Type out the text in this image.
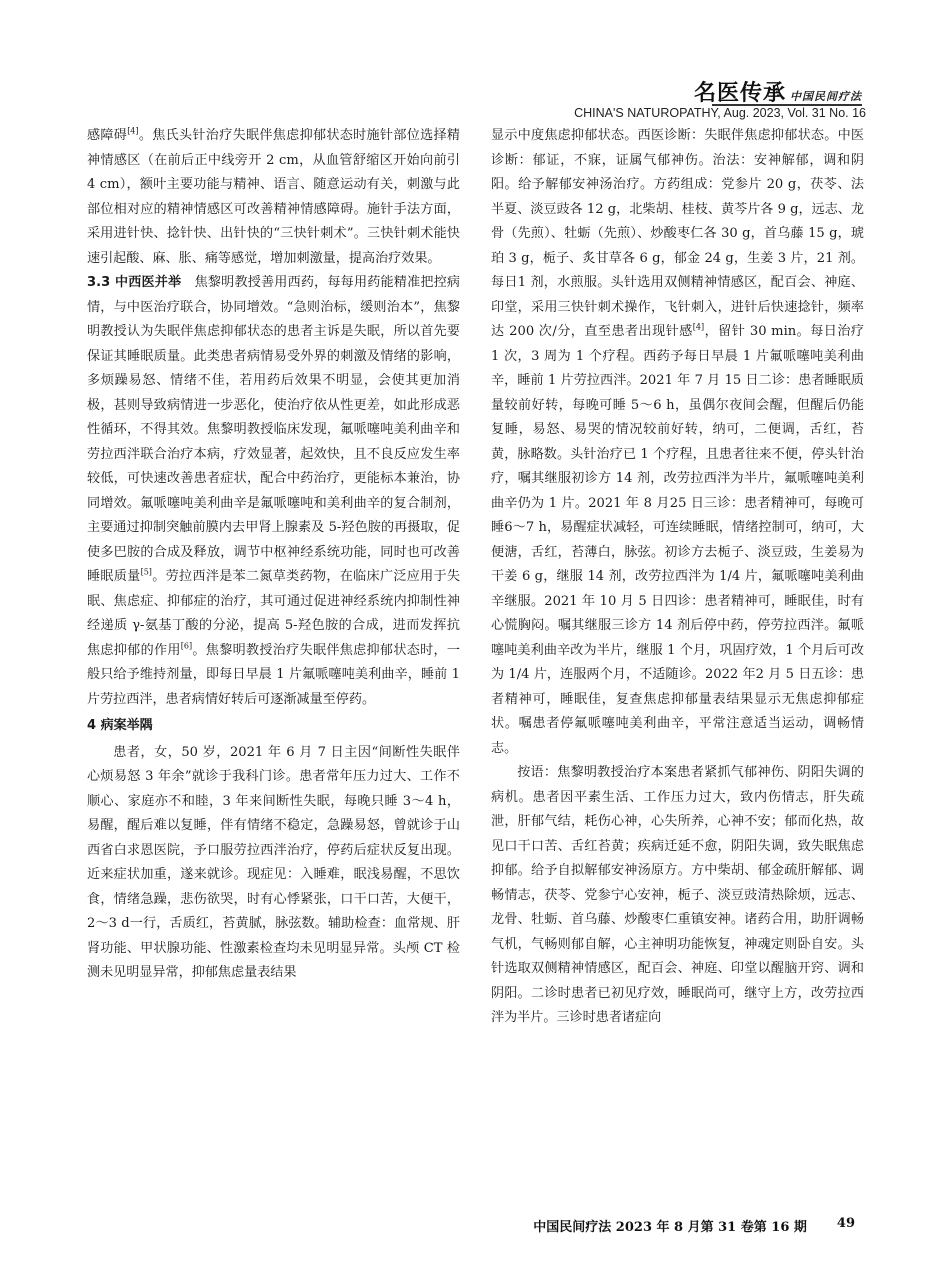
名医传承 中国民间疗法
CHINA'S NATUROPATHY, Aug. 2023, Vol. 31 No. 16

感障碍[4]。焦氏头针治疗失眠伴焦虑抑郁状态时施针部位选择精神情感区（在前后正中线旁开 2 cm，从血管舒缩区开始向前引 4 cm），额叶主要功能与精神、语言、随意运动有关，刺激与此部位相对应的精神情感区可改善精神情感障碍。施针手法方面，采用进针快、捻针快、出针快的“三快针刺术”。三快针刺术能快速引起酸、麻、胀、痛等感觉，增加刺激量，提高治疗效果。

3.3 中西医并举　 焦黎明教授善用西药，每每用药能精准把控病情，与中医治疗联合，协同增效。“急则治标，缓则治本”，焦黎明教授认为失眠伴焦虑抑郁状态的患者主诉是失眠，所以首先要保证其睡眠质量。此类患者病情易受外界的刺激及情绪的影响，多烦躁易怒、情绪不佳，若用药后效果不明显，会使其更加消极，甚则导致病情进一步恶化，使治疗依从性更差，如此形成恶性循环，不得其效。焦黎明教授临床发现，氟哌噻吨美利曲辛和劳拉西泮联合治疗本病，疗效显著，起效快，且不良反应发生率较低，可快速改善患者症状，配合中药治疗，更能标本兼治，协同增效。氟哌噻吨美利曲辛是氟哌噻吨和美利曲辛的复合制剂，主要通过抑制突触前膜内去甲肾上腺素及 5-羟色胺的再摄取，促使多巴胺的合成及释放，调节中枢神经系统功能，同时也可改善睡眠质量[5]。劳拉西泮是苯二氮草类药物，在临床广泛应用于失眠、焦虑症、抑郁症的治疗，其可通过促进神经系统内抑制性神经递质 γ-氨基丁酸的分泌，提高 5-羟色胺的合成，进而发挥抗焦虑抑郁的作用[6]。焦黎明教授治疗失眠伴焦虑抑郁状态时，一般只给予维持剂量，即每日早晨 1 片氟哌噻吨美利曲辛，睡前 1 片劳拉西泮，患者病情好转后可逐渐减量至停药。

4 病案举隅

患者，女，50 岁，2021 年 6 月 7 日主因“间断性失眠伴心烦易怒 3 年余”就诊于我科门诊。患者常年压力过大、工作不顺心、家庭亦不和睦，3 年来间断性失眠，每晚只睡 3～4 h，易醒，醒后难以复睡，伴有情绪不稳定，急躁易怒，曾就诊于山西省白求恩医院，予口服劳拉西泮治疗，停药后症状反复出现。近来症状加重，遂来就诊。现症见：入睡难，眠浅易醒，不思饮食，情绪急躁，悲伤欲哭，时有心悸紧张，口干口苦，大便干，2～3 d一行，舌质红，苔黄腻，脉弦数。辅助检查：血常规、肝肾功能、甲状腺功能、性激素检查均未见明显异常。头颅 CT 检测未见明显异常，抑郁焦虑量表结果

显示中度焦虑抑郁状态。西医诊断：失眠伴焦虑抑郁状态。中医诊断：郁证，不寐，证属气郁神伤。治法：安神解郁，调和阴阳。给予解郁安神汤治疗。方药组成：党参片 20 g，茯苓、法半夏、淡豆豉各 12 g，北柴胡、桂枝、黄芩片各 9 g，远志、龙骨（先煎）、牡蛎（先煎）、炒酸枣仁各 30 g，首乌藤 15 g，琥珀 3 g，栀子、炙甘草各 6 g，郁金 24 g，生姜 3 片，21 剂。每日1 剂，水煎服。头针选用双侧精神情感区，配百会、神庭、印堂，采用三快针刺术操作，飞针刺入，进针后快速捻针，频率达 200 次/分，直至患者出现针感[4]，留针 30 min。每日治疗 1 次，3 周为 1 个疗程。西药予每日早晨 1 片氟哌噻吨美利曲辛，睡前 1 片劳拉西泮。2021 年 7 月 15 日二诊：患者睡眠质量较前好转，每晚可睡 5～6 h，虽偶尔夜间会醒，但醒后仍能复睡，易怒、易哭的情况较前好转，纳可，二便调，舌红，苔黄，脉略数。头针治疗已 1 个疗程，且患者往来不便，停头针治疗，嘱其继服初诊方 14 剂，改劳拉西泮为半片，氟哌噻吨美利曲辛仍为 1 片。2021 年 8 月25 日三诊：患者精神可，每晚可睡6～7 h，易醒症状减轻，可连续睡眠，情绪控制可，纳可，大便溏，舌红，苔薄白，脉弦。初诊方去栀子、淡豆豉，生姜易为干姜 6 g，继服 14 剂，改劳拉西泮为 1/4 片，氟哌噻吨美利曲辛继服。2021 年 10 月 5 日四诊：患者精神可，睡眠佳，时有心慌胸闷。嘱其继服三诊方 14 剂后停中药，停劳拉西泮。氟哌噻吨美利曲辛改为半片，继服 1 个月，巩固疗效，1 个月后可改为 1/4 片，连服两个月，不适随诊。2022 年2 月 5 日五诊：患者精神可，睡眠佳，复查焦虑抑郁量表结果显示无焦虑抑郁症状。嘱患者停氟哌噻吨美利曲辛，平常注意适当运动，调畅情志。

按语：焦黎明教授治疗本案患者紧抓气郁神伤、阴阳失调的病机。患者因平素生活、工作压力过大，致内伤情志，肝失疏泄，肝郁气结，耗伤心神，心失所养，心神不安；郁而化热，故见口干口苦、舌红苔黄；疾病迁延不愈，阴阳失调，致失眠焦虑抑郁。给予自拟解郁安神汤原方。方中柴胡、郁金疏肝解郁、调畅情志，茯苓、党参宁心安神，栀子、淡豆豉清热除烦，远志、龙骨、牡蛎、首乌藤、炒酸枣仁重镇安神。诸药合用，助肝调畅气机，气畅则郁自解，心主神明功能恢复，神魂定则卧自安。头针选取双侧精神情感区，配百会、神庭、印堂以醒脑开窍、调和阴阳。二诊时患者已初见疗效，睡眠尚可，继守上方，改劳拉西泮为半片。三诊时患者诸症向

中国民间疗法 2023 年 8 月第 31 卷第 16 期 49
